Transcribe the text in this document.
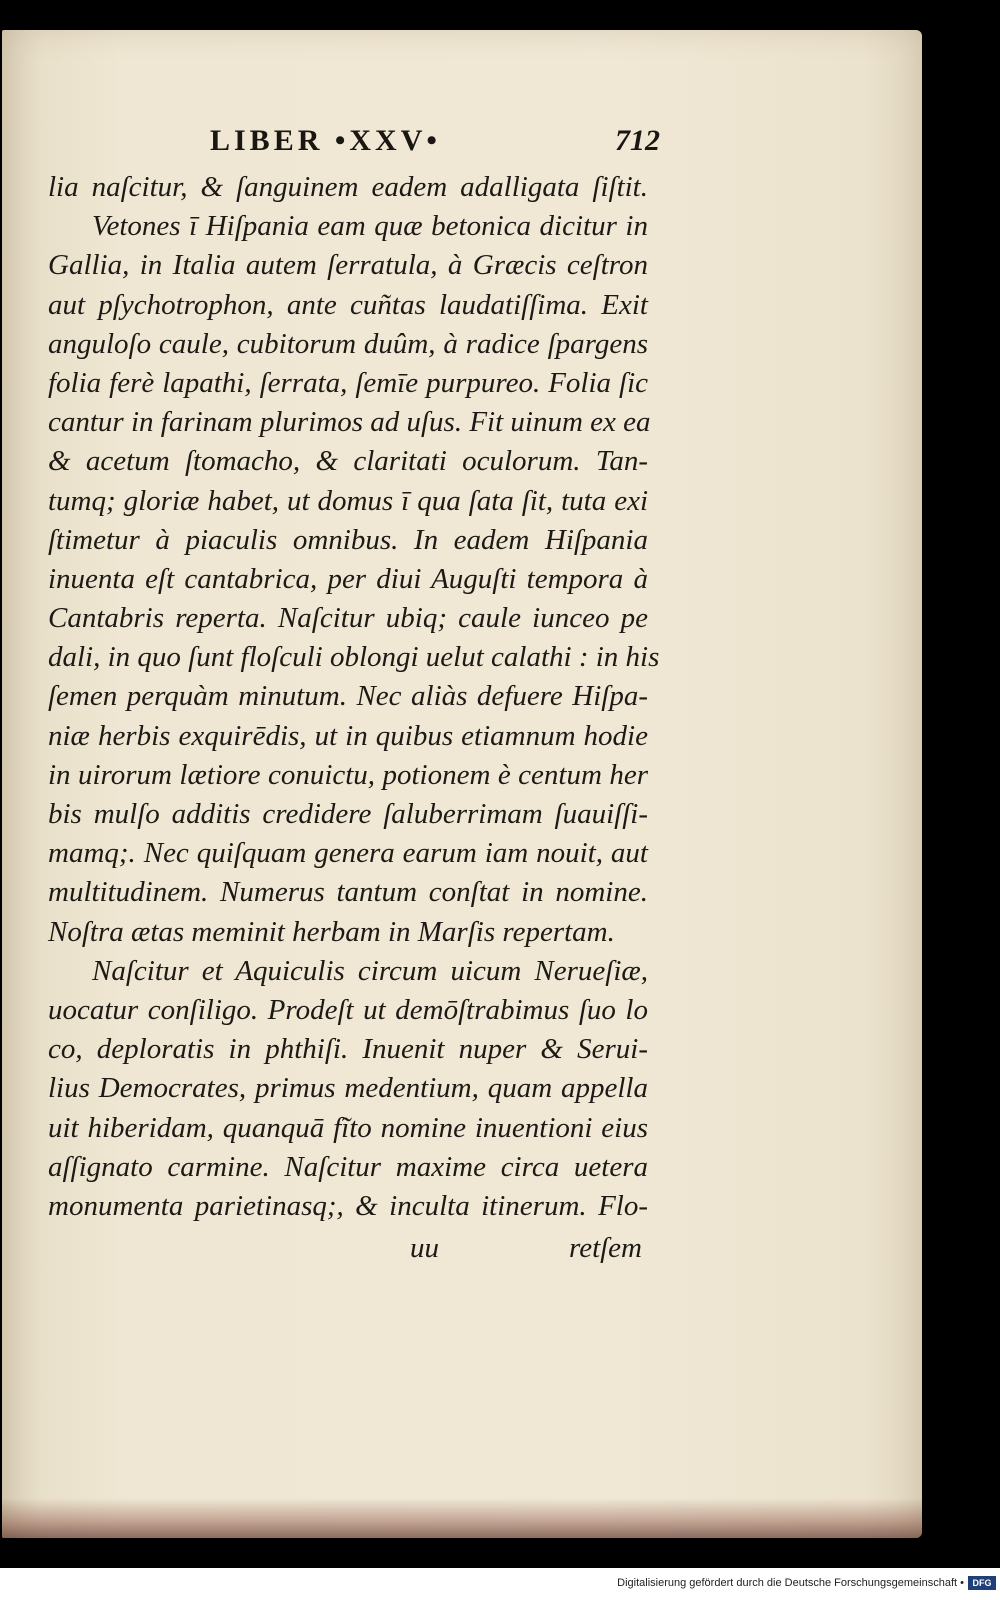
LIBER •XXV•	712
lia naſcitur, & ſanguinem eadem adalligata ſiſtit.
Vetones ī Hiſpania eam quæ betonica dicitur in
Gallia, in Italia autem ſerratula, à Græcis ceſtron
aut pſychotrophon, ante cuñtas laudatiſſima. Exit
anguloſo caule, cubitorum duûm, à radice ſpargens
folia ferè lapathi, ſerrata, ſemīe purpureo. Folia ſic
cantur in farinam plurimos ad uſus. Fit uinum ex ea
& acetum ſtomacho, & claritati oculorum. Tan-
tumq; gloriæ habet, ut domus ī qua ſata ſit, tuta exi
ſtimetur à piaculis omnibus. In eadem Hiſpania
inuenta eſt cantabrica, per diui Auguſti tempora à
Cantabris reperta. Naſcitur ubiq; caule iunceo pe
dali, in quo ſunt floſculi oblongi uelut calathi : in his
ſemen perquàm minutum. Nec aliàs defuere Hiſpa-
niæ herbis exquirēdis, ut in quibus etiamnum hodie
in uirorum lætiore conuictu, potionem è centum her
bis mulſo additis credidere ſaluberrimam ſuauiſſi-
mamq;. Nec quiſquam genera earum iam nouit, aut
multitudinem. Numerus tantum conſtat in nomine.
Noſtra ætas meminit herbam in Marſis repertam.
Naſcitur et Aquiculis circum uicum Nerueſiæ,
uocatur conſiligo. Prodeſt ut demōſtrabimus ſuo lo
co, deploratis in phthiſi. Inuenit nuper & Serui-
lius Democrates, primus medentium, quam appella
uit hiberidam, quanquā fĩto nomine inuentioni eius
aſſignato carmine. Naſcitur maxime circa uetera
monumenta parietinasq;, & inculta itinerum. Flo-
uu	retſem
Digitalisierung gefördert durch die Deutsche Forschungsgemeinschaft • DFG
